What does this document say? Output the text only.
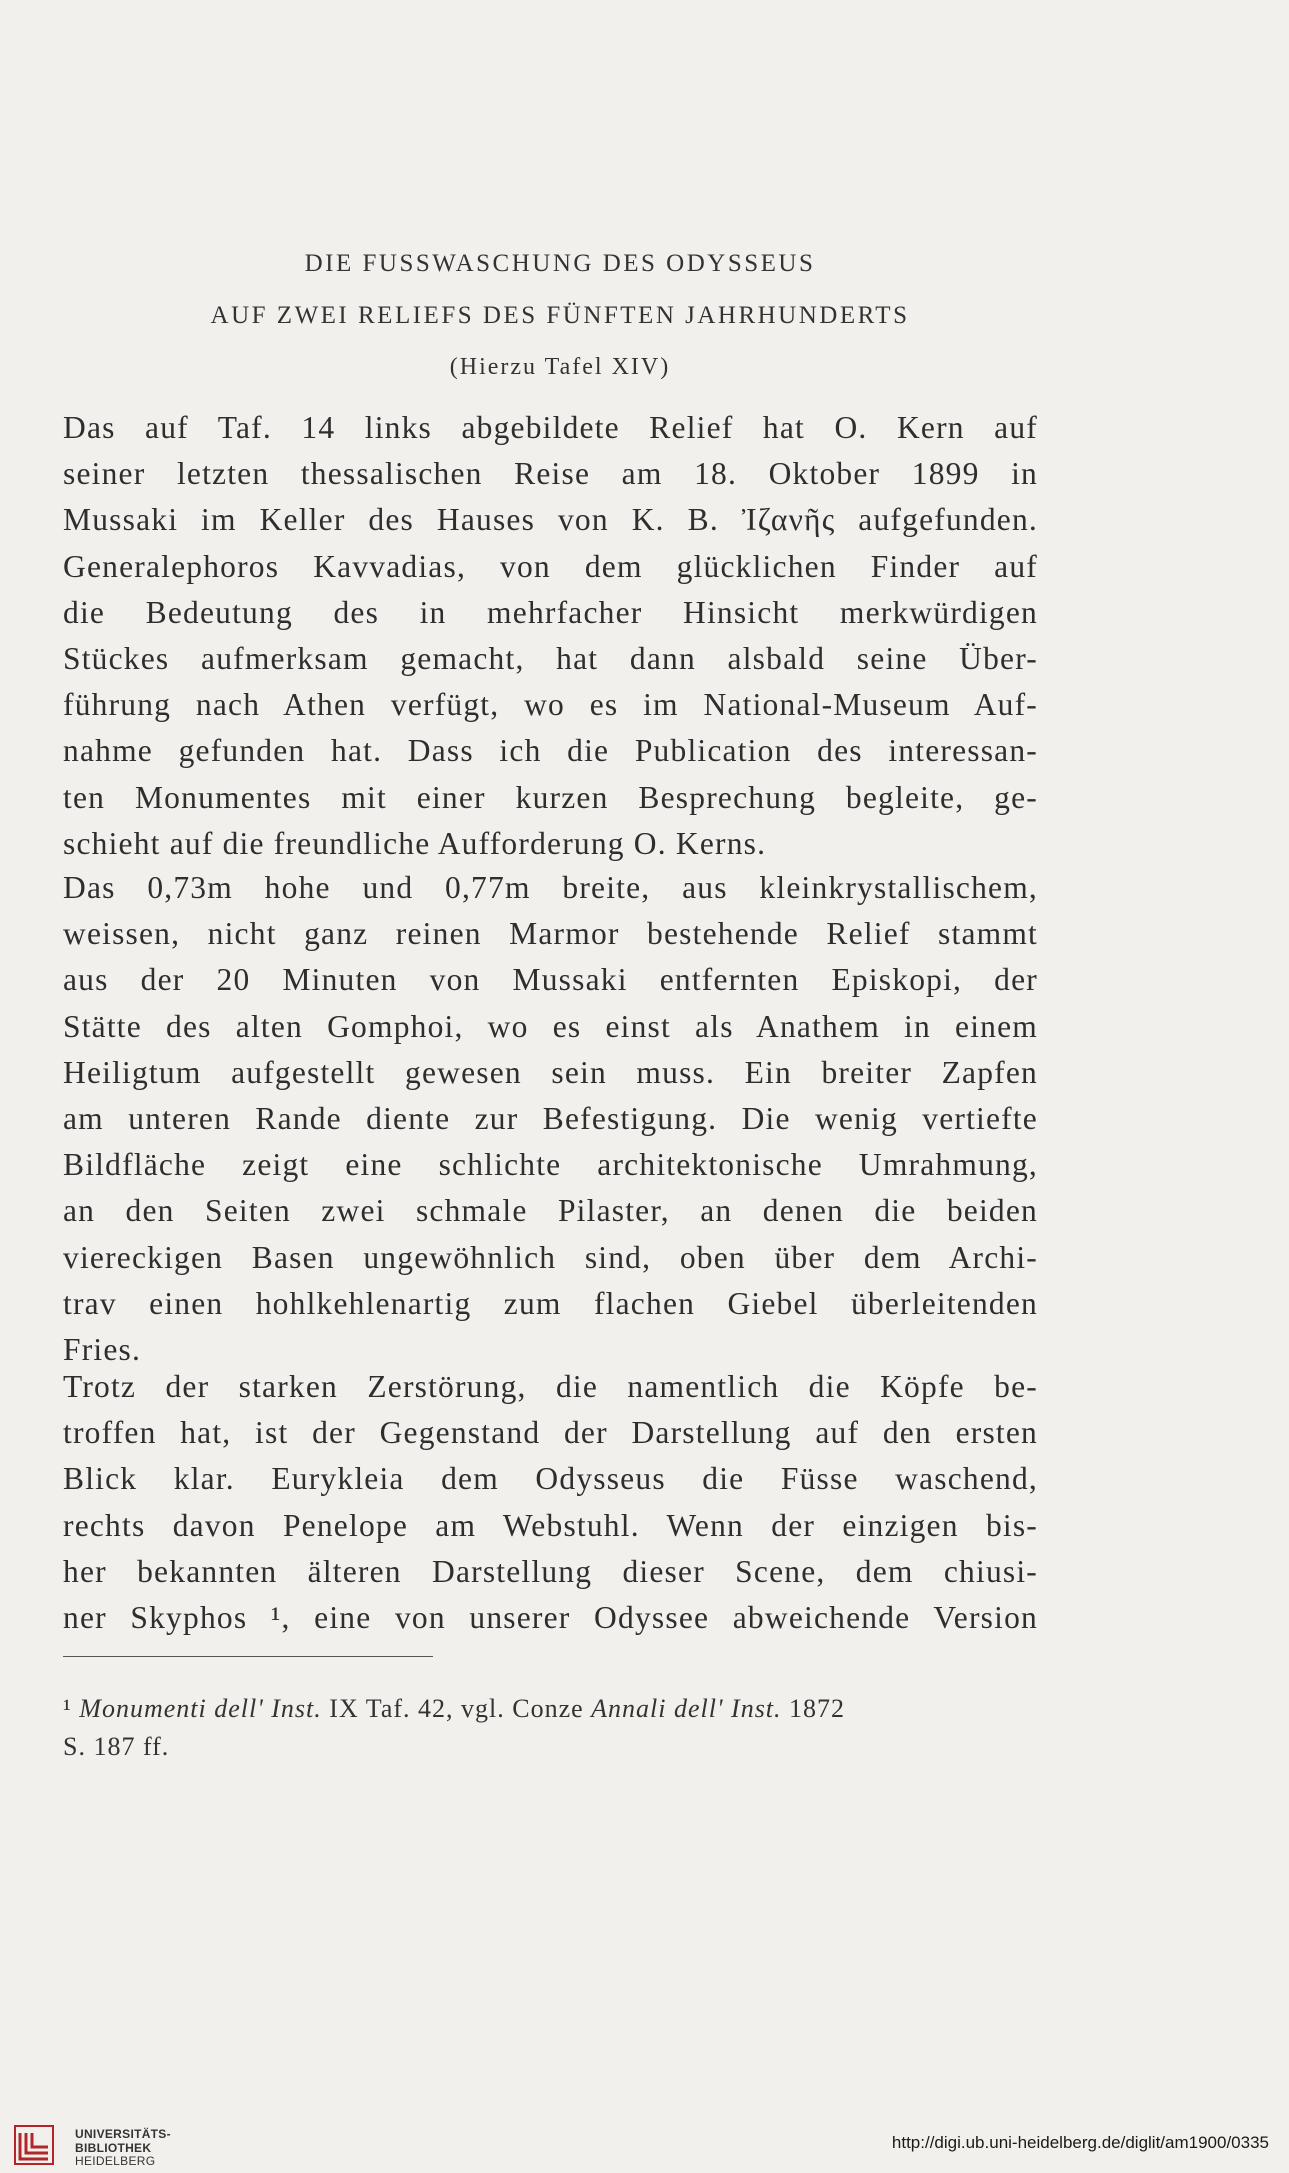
DIE FUSSWASCHUNG DES ODYSSEUS
AUF ZWEI RELIEFS DES FÜNFTEN JAHRHUNDERTS
(Hierzu Tafel XIV)
Das auf Taf. 14 links abgebildete Relief hat O. Kern auf
seiner letzten thessalischen Reise am 18. Oktober 1899 in
Mussaki im Keller des Hauses von K. B. Ἰζανῆς aufgefunden.
Generalephoros Kavvadias, von dem glücklichen Finder auf
die Bedeutung des in mehrfacher Hinsicht merkwürdigen
Stückes aufmerksam gemacht, hat dann alsbald seine Über-
führung nach Athen verfügt, wo es im National-Museum Auf-
nahme gefunden hat. Dass ich die Publication des interessan-
ten Monumentes mit einer kurzen Besprechung begleite, ge-
schieht auf die freundliche Aufforderung O. Kerns.
Das 0,73m hohe und 0,77m breite, aus kleinkrystallischem,
weissen, nicht ganz reinen Marmor bestehende Relief stammt
aus der 20 Minuten von Mussaki entfernten Episkopi, der
Stätte des alten Gomphoi, wo es einst als Anathem in einem
Heiligtum aufgestellt gewesen sein muss. Ein breiter Zapfen
am unteren Rande diente zur Befestigung. Die wenig vertiefte
Bildfläche zeigt eine schlichte architektonische Umrahmung,
an den Seiten zwei schmale Pilaster, an denen die beiden
viereckigen Basen ungewöhnlich sind, oben über dem Archi-
trav einen hohlkehlenartig zum flachen Giebel überleitenden
Fries.
Trotz der starken Zerstörung, die namentlich die Köpfe be-
troffen hat, ist der Gegenstand der Darstellung auf den ersten
Blick klar. Eurykleia dem Odysseus die Füsse waschend,
rechts davon Penelope am Webstuhl. Wenn der einzigen bis-
her bekannten älteren Darstellung dieser Scene, dem chiusi-
ner Skyphos ¹, eine von unserer Odyssee abweichende Version
¹ Monumenti dell' Inst. IX Taf. 42, vgl. Conze Annali dell' Inst. 1872
S. 187 ff.
UNIVERSITÄTS-
BIBLIOTHEK
HEIDELBERG
http://digi.ub.uni-heidelberg.de/diglit/am1900/0335
